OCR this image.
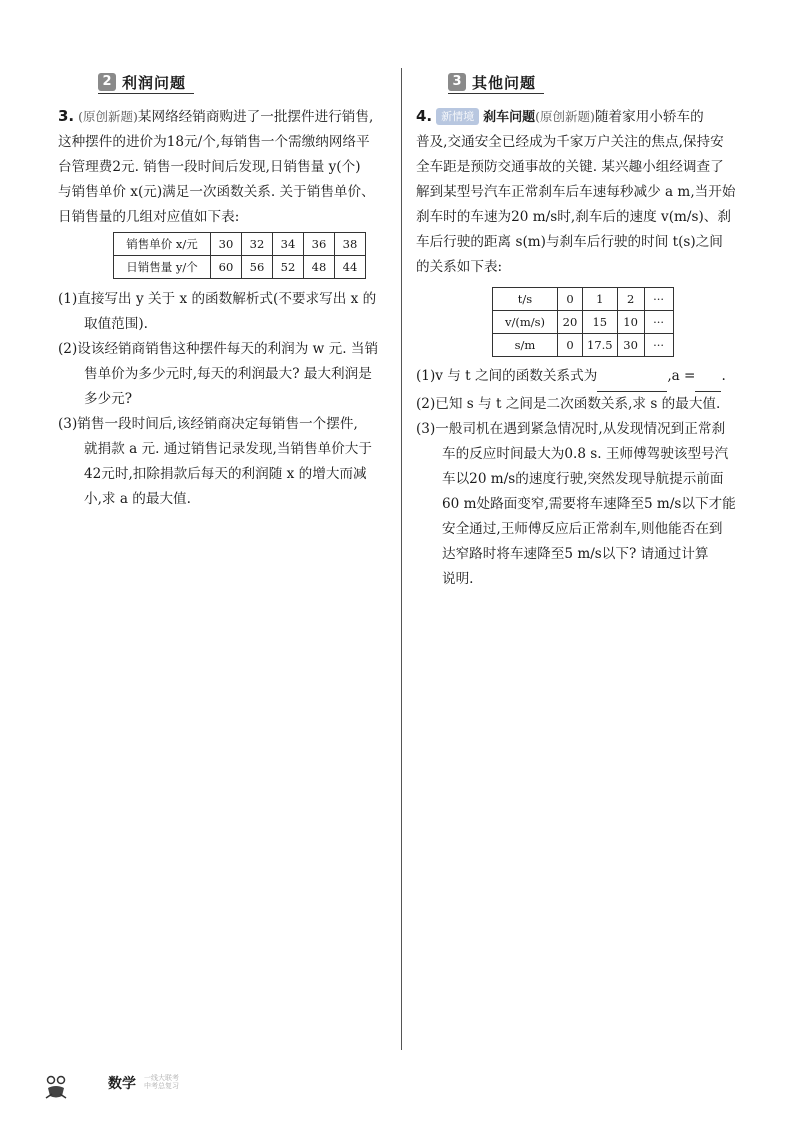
2 利润问题	3 其他问题

3. (原创新题)某网络经销商购进了一批摆件进行销售,

这种摆件的进价为18元/个,每销售一个需缴纳网络平

台管理费2元. 销售一段时间后发现,日销售量 y(个)

与销售单价 x(元)满足一次函数关系. 关于销售单价、

日销售量的几组对应值如下表:

销售单价 x/元	30	32	34	36	38
日销售量 y/个	60	56	52	48	44

(1)直接写出 y 关于 x 的函数解析式(不要求写出 x 的

取值范围).

(2)设该经销商销售这种摆件每天的利润为 w 元. 当销

售单价为多少元时,每天的利润最大? 最大利润是

多少元?

(3)销售一段时间后,该经销商决定每销售一个摆件,

就捐款 a 元. 通过销售记录发现,当销售单价大于

42元时,扣除捐款后每天的利润随 x 的增大而减

小,求 a 的最大值.

4. 新情境 刹车问题(原创新题)随着家用小轿车的

普及,交通安全已经成为千家万户关注的焦点,保持安

全车距是预防交通事故的关键. 某兴趣小组经调查了

解到某型号汽车正常刹车后车速每秒减少 a m,当开始

刹车时的车速为20 m/s时,刹车后的速度 v(m/s)、刹

车后行驶的距离 s(m)与刹车后行驶的时间 t(s)之间

的关系如下表:

t/s	0	1	2	···
v/(m/s)	20	15	10	···
s/m	0	17.5	30	···

(1)v 与 t 之间的函数关系式为	,a = .

(2)已知 s 与 t 之间是二次函数关系,求 s 的最大值.

(3)一般司机在遇到紧急情况时,从发现情况到正常刹

车的反应时间最大为0.8 s. 王师傅驾驶该型号汽

车以20 m/s的速度行驶,突然发现导航提示前面

60 m处路面变窄,需要将车速降至5 m/s以下才能

安全通过,王师傅反应后正常刹车,则他能否在到

达窄路时将车速降至5 m/s以下? 请通过计算

说明.

数学 一线大联考
中考总复习
